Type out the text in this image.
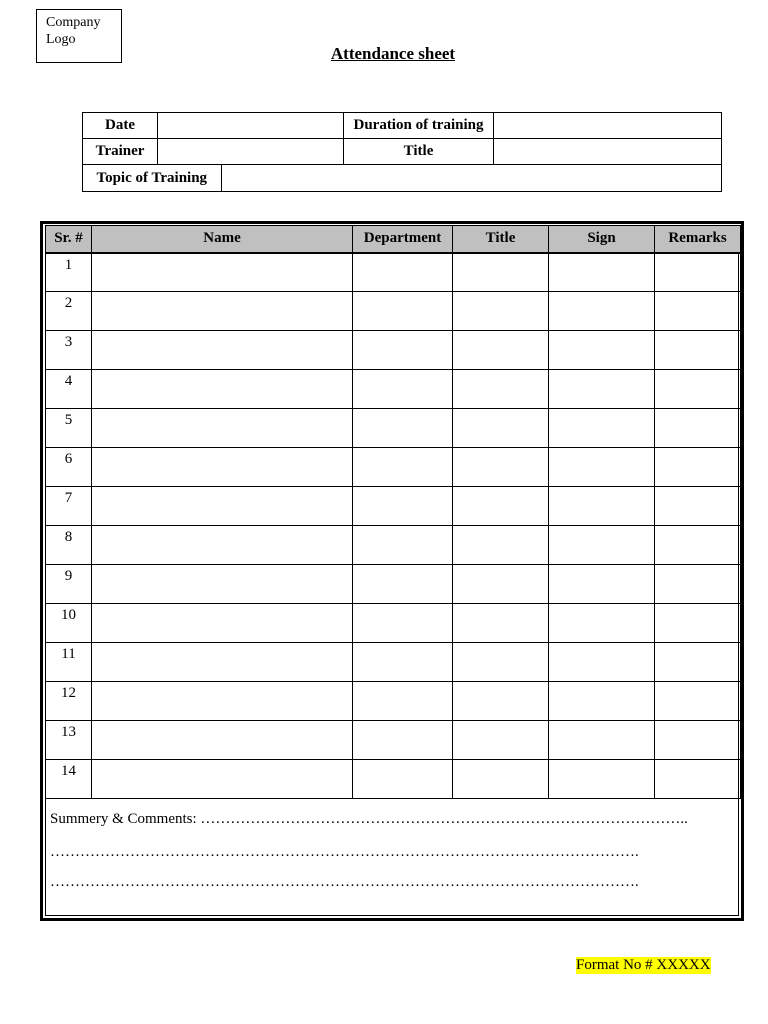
Company
Logo
Attendance sheet
Date		Duration of training	
Trainer		Title	

Topic of Training	
Sr. #	Name	Department	Title	Sign	Remarks
1					
2					
3					
4					
5					
6					
7					
8					
9					
10					
11					
12					
13					
14					
Summery & Comments: ……………………………………………………………………………………..
……………………………………………………………………………………………………….
……………………………………………………………………………………………………….
Format No # XXXXX
